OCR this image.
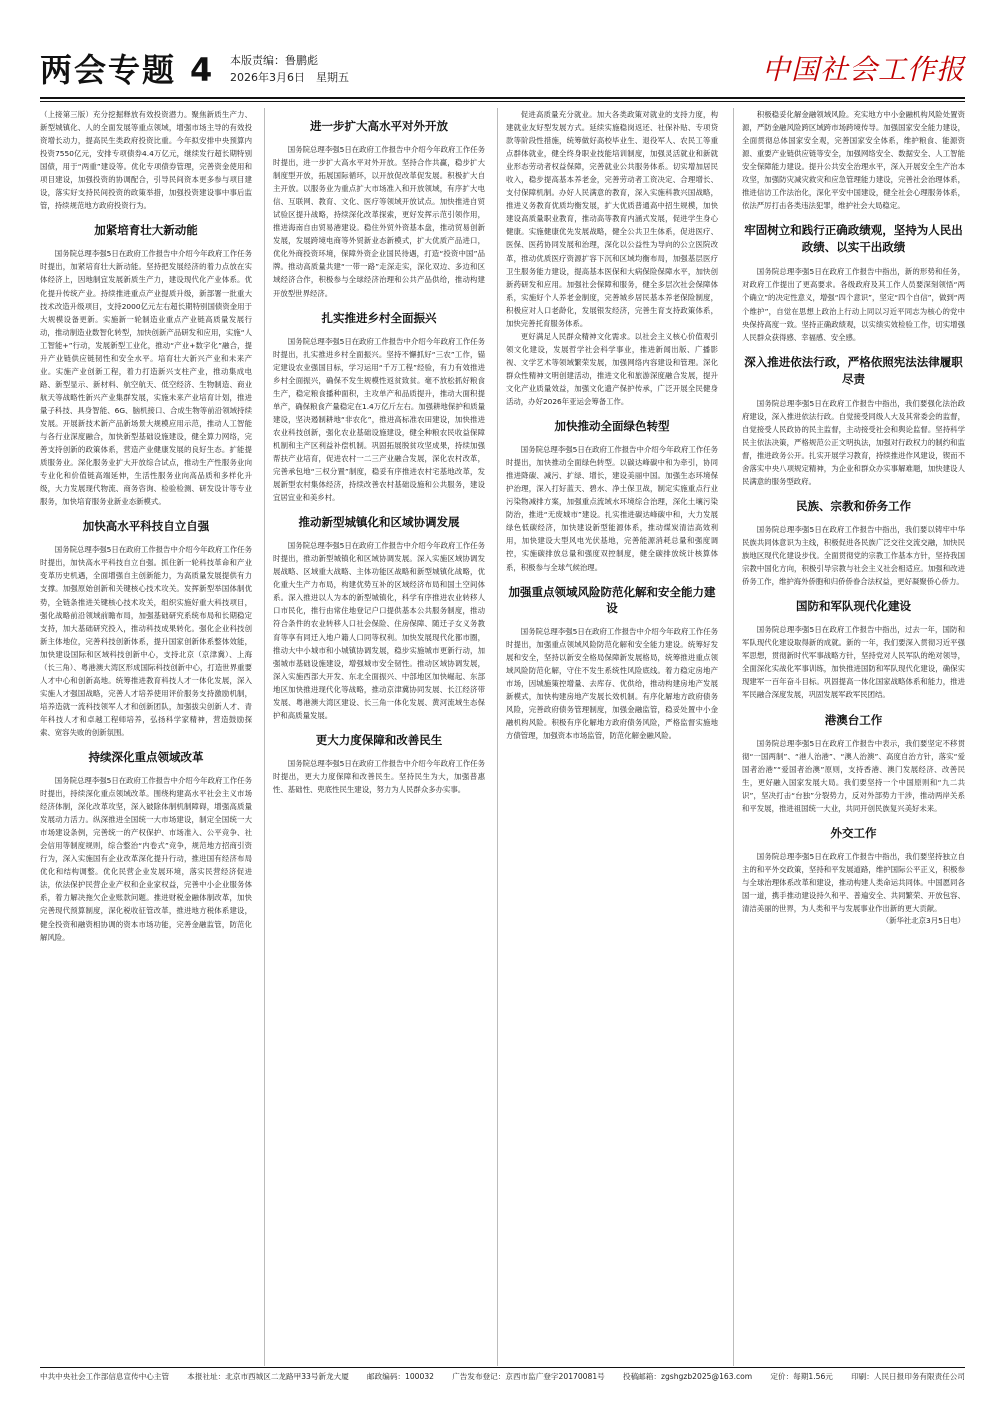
两会专题 4 本版责编：鲁鹏彪
2026年3月6日　星期五	中国社会工作报

（上接第三版）充分挖掘释放有效投资潜力。聚焦新质生产力、新型城镇化、人的全面发展等重点领域，增强市场主导的有效投资增长动力，提高民生类政府投资比重。今年拟安排中央预算内投资7550亿元，安排专项债券4.4万亿元，继续发行超长期特别国债，用于“两重”建设等。优化专项债券管理，完善资金使用和项目建设，加强投资的协调配合，引导民间资本更多参与项目建设，落实好支持民间投资的政策举措，加强投资建设事中事后监管，持续规范地方政府投资行为。

加紧培育壮大新动能

国务院总理李强5日在政府工作报告中介绍今年政府工作任务时提出，加紧培育壮大新动能。坚持把发展经济的着力点放在实体经济上，因地制宜发展新质生产力，建设现代化产业体系。优化提升传统产业。持续推进重点产业提质升级，新部署一批重大技术改造升级项目，支持2000亿元左右超长期特别国债资金用于大规模设备更新。实施新一轮制造业重点产业链高质量发展行动，推动制造业数智化转型，加快创新产品研发和应用，实施“人工智能+”行动，发展新型工业化，推动“产业+数字化”融合，提升产业链供应链韧性和安全水平。培育壮大新兴产业和未来产业。实施产业创新工程，着力打造新兴支柱产业，推动集成电路、新型显示、新材料、航空航天、低空经济、生物制造、商业航天等战略性新兴产业集群发展，实施未来产业培育计划，推进量子科技、具身智能、6G、脑机接口、合成生物等前沿领域持续发展。开展新技术新产品新场景大规模应用示范，推动人工智能与各行业深度融合，加快新型基础设施建设，健全算力网络，完善支持创新的政策体系，营造产业健康发展的良好生态。扩能提质服务业。深化服务业扩大开放综合试点，推动生产性服务业向专业化和价值链高端延伸，生活性服务业向高品质和多样化升级，大力发展现代物流、商务咨询、检验检测、研发设计等专业服务，加快培育服务业新业态新模式。

加快高水平科技自立自强

国务院总理李强5日在政府工作报告中介绍今年政府工作任务时提出，加快高水平科技自立自强。抓住新一轮科技革命和产业变革历史机遇，全面增强自主创新能力，为高质量发展提供有力支撑。加强原始创新和关键核心技术攻关。发挥新型举国体制优势，全链条推进关键核心技术攻关，组织实施好重大科技项目，强化战略前沿领域前瞻布局，加强基础研究系统布局和长期稳定支持，加大基础研究投入，推动科技成果转化。强化企业科技创新主体地位，完善科技创新体系，提升国家创新体系整体效能，加快建设国际和区域科技创新中心，支持北京（京津冀）、上海（长三角）、粤港澳大湾区形成国际科技创新中心，打造世界重要人才中心和创新高地。统筹推进教育科技人才一体化发展，深入实施人才强国战略，完善人才培养使用评价服务支持激励机制，培养造就一流科技领军人才和创新团队，加强拔尖创新人才、青年科技人才和卓越工程师培养，弘扬科学家精神，营造鼓励探索、宽容失败的创新氛围。

持续深化重点领域改革

国务院总理李强5日在政府工作报告中介绍今年政府工作任务时提出，持续深化重点领域改革。围绕构建高水平社会主义市场经济体制，深化改革攻坚，深入破除体制机制障碍，增强高质量发展动力活力。纵深推进全国统一大市场建设，制定全国统一大市场建设条例，完善统一的产权保护、市场准入、公平竞争、社会信用等制度规则，综合整治“内卷式”竞争，规范地方招商引资行为，深入实施国有企业改革深化提升行动，推进国有经济布局优化和结构调整。优化民营企业发展环境，落实民营经济促进法，依法保护民营企业产权和企业家权益，完善中小企业服务体系，着力解决拖欠企业账款问题。推进财税金融体制改革，加快完善现代预算制度，深化税收征管改革，推进地方税体系建设，健全投资和融资相协调的资本市场功能，完善金融监管，防范化解风险。

进一步扩大高水平对外开放

国务院总理李强5日在政府工作报告中介绍今年政府工作任务时提出，进一步扩大高水平对外开放。坚持合作共赢，稳步扩大制度型开放，拓展国际循环，以开放促改革促发展。积极扩大自主开放。以服务业为重点扩大市场准入和开放领域，有序扩大电信、互联网、教育、文化、医疗等领域开放试点。加快推进自贸试验区提升战略，持续深化改革探索，更好发挥示范引领作用，推进海南自由贸易港建设。稳住外贸外资基本盘，推动贸易创新发展，发展跨境电商等外贸新业态新模式，扩大优质产品进口，优化外商投资环境，保障外资企业国民待遇，打造“投资中国”品牌。推动高质量共建“一带一路”走深走实，深化双边、多边和区域经济合作，积极参与全球经济治理和公共产品供给，推动构建开放型世界经济。

扎实推进乡村全面振兴

国务院总理李强5日在政府工作报告中介绍今年政府工作任务时提出，扎实推进乡村全面振兴。坚持不懈抓好“三农”工作，锚定建设农业强国目标，学习运用“千万工程”经验，有力有效推进乡村全面振兴，确保不发生规模性返贫致贫。毫不放松抓好粮食生产，稳定粮食播种面积，主攻单产和品质提升，推动大面积提单产，确保粮食产量稳定在1.4万亿斤左右。加强耕地保护和质量建设，坚决遏制耕地“非农化”，推进高标准农田建设，加快推进农业科技创新，强化农业基础设施建设，健全种粮农民收益保障机制和主产区利益补偿机制。巩固拓展脱贫攻坚成果，持续加强帮扶产业培育，促进农村一二三产业融合发展，深化农村改革，完善承包地“三权分置”制度，稳妥有序推进农村宅基地改革，发展新型农村集体经济，持续改善农村基础设施和公共服务，建设宜居宜业和美乡村。

推动新型城镇化和区域协调发展

国务院总理李强5日在政府工作报告中介绍今年政府工作任务时提出，推动新型城镇化和区域协调发展。深入实施区域协调发展战略、区域重大战略、主体功能区战略和新型城镇化战略，优化重大生产力布局，构建优势互补的区域经济布局和国土空间体系。深入推进以人为本的新型城镇化，科学有序推进农业转移人口市民化，推行由常住地登记户口提供基本公共服务制度，推动符合条件的农业转移人口社会保险、住房保障、随迁子女义务教育等享有同迁入地户籍人口同等权利。加快发展现代化都市圈，推动大中小城市和小城镇协调发展，稳步实施城市更新行动，加强城市基础设施建设，增强城市安全韧性。推动区域协调发展，深入实施西部大开发、东北全面振兴、中部地区加快崛起、东部地区加快推进现代化等战略，推动京津冀协同发展、长江经济带发展、粤港澳大湾区建设、长三角一体化发展、黄河流域生态保护和高质量发展。

更大力度保障和改善民生

国务院总理李强5日在政府工作报告中介绍今年政府工作任务时提出，更大力度保障和改善民生。坚持民生为大，加强普惠性、基础性、兜底性民生建设，努力为人民群众多办实事。

促进高质量充分就业。加大各类政策对就业的支持力度，构建就业友好型发展方式。延续实施稳岗返还、社保补贴、专项贷款等阶段性措施，统筹做好高校毕业生、退役军人、农民工等重点群体就业，健全终身职业技能培训制度，加强灵活就业和新就业形态劳动者权益保障，完善就业公共服务体系。切实增加居民收入，稳步提高基本养老金，完善劳动者工资决定、合理增长、支付保障机制。办好人民满意的教育，深入实施科教兴国战略，推进义务教育优质均衡发展，扩大优质普通高中招生规模，加快建设高质量职业教育，推动高等教育内涵式发展，促进学生身心健康。实施健康优先发展战略，健全公共卫生体系，促进医疗、医保、医药协同发展和治理，深化以公益性为导向的公立医院改革，推动优质医疗资源扩容下沉和区域均衡布局，加强基层医疗卫生服务能力建设，提高基本医保和大病保险保障水平，加快创新药研发和应用。加强社会保障和服务，健全多层次社会保障体系，实施好个人养老金制度，完善城乡居民基本养老保险制度，积极应对人口老龄化，发展银发经济，完善生育支持政策体系，加快完善托育服务体系。

更好满足人民群众精神文化需求。以社会主义核心价值观引领文化建设，发展哲学社会科学事业，推进新闻出版、广播影视、文学艺术等领域繁荣发展，加强网络内容建设和管理。深化群众性精神文明创建活动，推进文化和旅游深度融合发展，提升文化产业质量效益，加强文化遗产保护传承，广泛开展全民健身活动，办好2026年亚运会筹备工作。

加快推动全面绿色转型

国务院总理李强5日在政府工作报告中介绍今年政府工作任务时提出，加快推动全面绿色转型。以碳达峰碳中和为牵引，协同推进降碳、减污、扩绿、增长，建设美丽中国。加强生态环境保护治理，深入打好蓝天、碧水、净土保卫战，制定实施重点行业污染物减排方案，加强重点流域水环境综合治理，深化土壤污染防治，推进“无废城市”建设。扎实推进碳达峰碳中和，大力发展绿色低碳经济，加快建设新型能源体系，推动煤炭清洁高效利用，加快建设大型风电光伏基地，完善能源消耗总量和强度调控，实施碳排放总量和强度双控制度，健全碳排放统计核算体系，积极参与全球气候治理。

加强重点领域风险防范化解和安全能力建设

国务院总理李强5日在政府工作报告中介绍今年政府工作任务时提出，加强重点领域风险防范化解和安全能力建设。统筹好发展和安全，坚持以新安全格局保障新发展格局，统筹推进重点领域风险防范化解，守住不发生系统性风险底线。着力稳定房地产市场，因城施策控增量、去库存、优供给，推动构建房地产发展新模式，加快构建房地产发展长效机制。有序化解地方政府债务风险，完善政府债务管理制度，加强金融监管，稳妥处置中小金融机构风险。积极有序化解地方政府债务风险，严格监督实施地方债管理，加强资本市场监管，防范化解金融风险。

积极稳妥化解金融领域风险。充实地方中小金融机构风险处置资源，严防金融风险跨区域跨市场跨境传导。加强国家安全能力建设，全面贯彻总体国家安全观，完善国家安全体系，维护粮食、能源资源、重要产业链供应链等安全，加强网络安全、数据安全、人工智能安全保障能力建设。提升公共安全治理水平，深入开展安全生产治本攻坚，加强防灾减灾救灾和应急管理能力建设，完善社会治理体系，推进信访工作法治化，深化平安中国建设，健全社会心理服务体系，依法严厉打击各类违法犯罪，维护社会大局稳定。

牢固树立和践行正确政绩观，坚持为人民出政绩、以实干出政绩

国务院总理李强5日在政府工作报告中指出，新的形势和任务，对政府工作提出了更高要求。各级政府及其工作人员要深刻领悟“两个确立”的决定性意义，增强“四个意识”，坚定“四个自信”，做到“两个维护”，自觉在思想上政治上行动上同以习近平同志为核心的党中央保持高度一致。坚持正确政绩观，以实绩实效检验工作，切实增强人民群众获得感、幸福感、安全感。

深入推进依法行政，严格依照宪法法律履职尽责

国务院总理李强5日在政府工作报告中指出，我们要强化法治政府建设，深入推进依法行政。自觉接受同级人大及其常委会的监督，自觉接受人民政协的民主监督，主动接受社会和舆论监督。坚持科学民主依法决策，严格规范公正文明执法，加强对行政权力的制约和监督，推进政务公开。扎实开展学习教育，持续推进作风建设，锲而不舍落实中央八项规定精神，为企业和群众办实事解难题，加快建设人民满意的服务型政府。

民族、宗教和侨务工作

国务院总理李强5日在政府工作报告中指出，我们要以铸牢中华民族共同体意识为主线，积极促进各民族广泛交往交流交融，加快民族地区现代化建设步伐。全面贯彻党的宗教工作基本方针，坚持我国宗教中国化方向，积极引导宗教与社会主义社会相适应。加强和改进侨务工作，维护海外侨胞和归侨侨眷合法权益，更好凝聚侨心侨力。

国防和军队现代化建设

国务院总理李强5日在政府工作报告中指出，过去一年，国防和军队现代化建设取得新的成就。新的一年，我们要深入贯彻习近平强军思想，贯彻新时代军事战略方针，坚持党对人民军队的绝对领导，全面深化实战化军事训练，加快推进国防和军队现代化建设，确保实现建军一百年奋斗目标。巩固提高一体化国家战略体系和能力，推进军民融合深度发展，巩固发展军政军民团结。

港澳台工作

国务院总理李强5日在政府工作报告中表示，我们要坚定不移贯彻“一国两制”、“港人治港”、“澳人治澳”、高度自治方针，落实“爱国者治港”“爱国者治澳”原则，支持香港、澳门发展经济、改善民生，更好融入国家发展大局。我们要坚持一个中国原则和“九二共识”，坚决打击“台独”分裂势力，反对外部势力干涉，推动两岸关系和平发展，推进祖国统一大业，共同开创民族复兴美好未来。

外交工作

国务院总理李强5日在政府工作报告中指出，我们要坚持独立自主的和平外交政策，坚持和平发展道路，维护国际公平正义，积极参与全球治理体系改革和建设，推动构建人类命运共同体。中国愿同各国一道，携手推动建设持久和平、普遍安全、共同繁荣、开放包容、清洁美丽的世界，为人类和平与发展事业作出新的更大贡献。

（新华社北京3月5日电）

中共中央社会工作部信息宣传中心主管 本报社址：北京市西城区二龙路甲33号新龙大厦 邮政编码：100032 广告发布登记：京西市监广登字20170081号 投稿邮箱：zgshgzb2025@163.com 定价：每期1.56元 印刷：人民日报印务有限责任公司
